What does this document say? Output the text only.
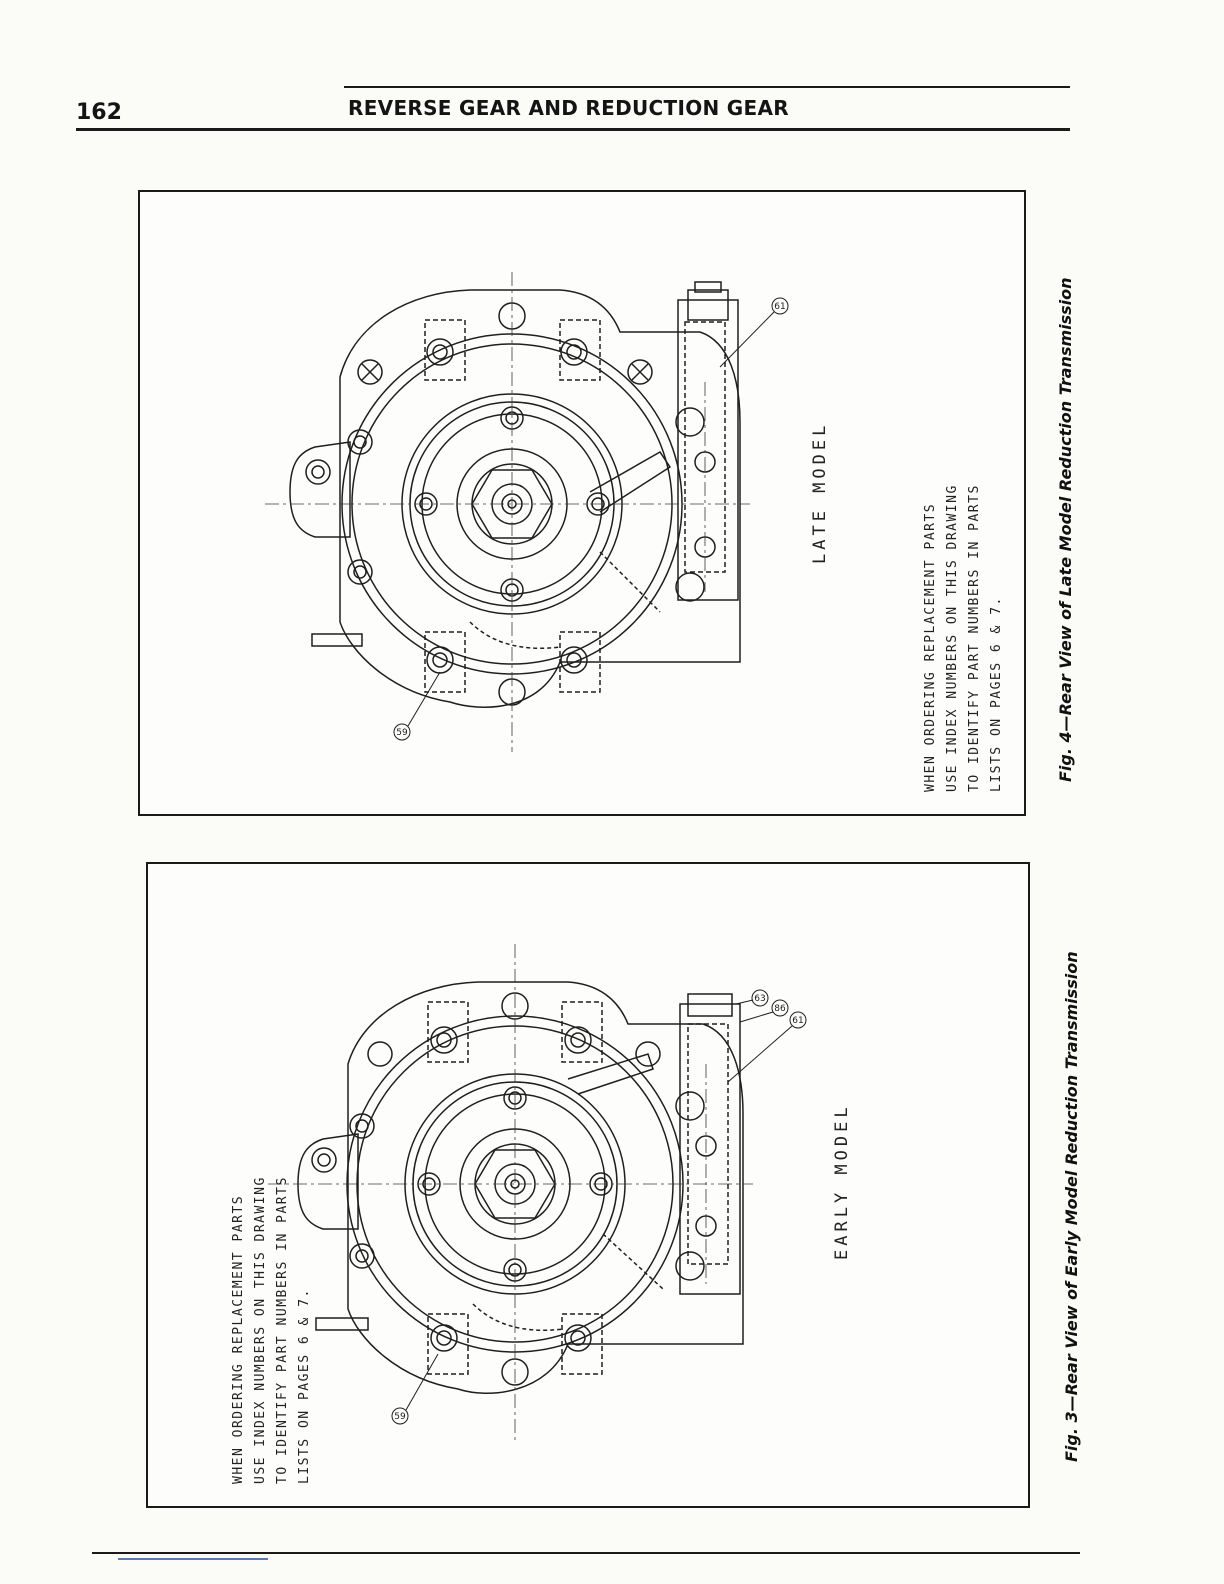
162	REVERSE GEAR AND REDUCTION GEAR
61
59
LATE MODEL
WHEN ORDERING REPLACEMENT PARTS USE INDEX NUMBERS ON THIS DRAWING TO IDENTIFY PART NUMBERS IN PARTS LISTS ON PAGES 6 & 7.	Fig. 4—Rear View of Late Model Reduction Transmission
63
86
61
59
EARLY MODEL
WHEN ORDERING REPLACEMENT PARTS USE INDEX NUMBERS ON THIS DRAWING TO IDENTIFY PART NUMBERS IN PARTS LISTS ON PAGES 6 & 7.	Fig. 3—Rear View of Early Model Reduction Transmission
